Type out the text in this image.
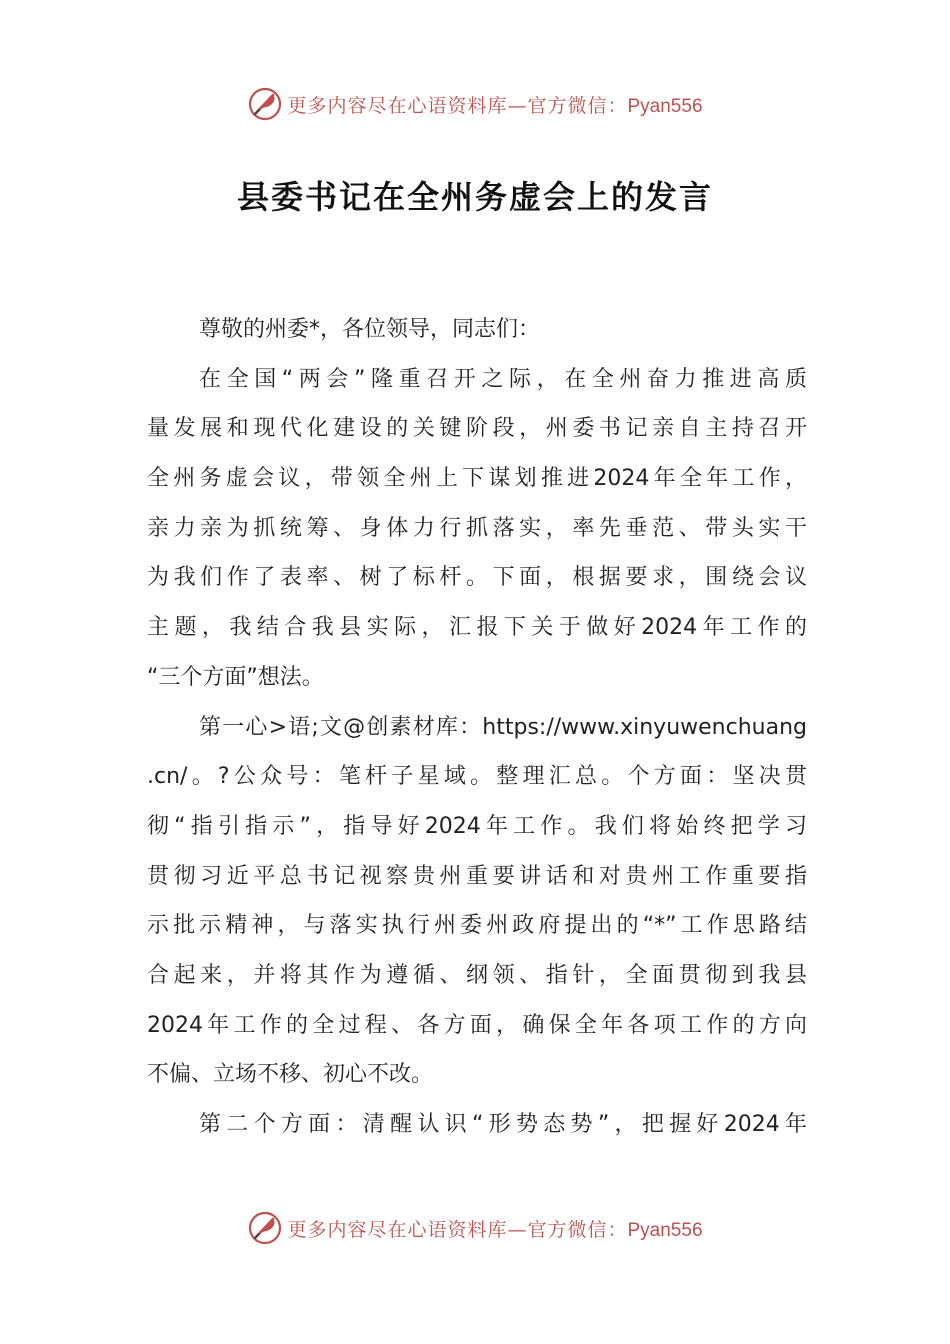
更多内容尽在心语资料库—官方微信：Pyan556
县委书记在全州务虚会上的发言
尊敬的州委*，各位领导，同志们：
在全国“两会”隆重召开之际，在全州奋力推进高质
量发展和现代化建设的关键阶段，州委书记亲自主持召开
全州务虚会议，带领全州上下谋划推进2024年全年工作，
亲力亲为抓统筹、身体力行抓落实，率先垂范、带头实干
为我们作了表率、树了标杆。下面，根据要求，围绕会议
主题，我结合我县实际，汇报下关于做好2024年工作的
“三个方面”想法。
第一心>语;文@创素材库：https://www.xinyuwenchuang
.cn/。?公众号：笔杆子星域。整理汇总。个方面：坚决贯
彻“指引指示”，指导好2024年工作。我们将始终把学习
贯彻习近平总书记视察贵州重要讲话和对贵州工作重要指
示批示精神，与落实执行州委州政府提出的“*”工作思路结
合起来，并将其作为遵循、纲领、指针，全面贯彻到我县
2024年工作的全过程、各方面，确保全年各项工作的方向
不偏、立场不移、初心不改。
第二个方面：清醒认识“形势态势”，把握好2024年
更多内容尽在心语资料库—官方微信：Pyan556
